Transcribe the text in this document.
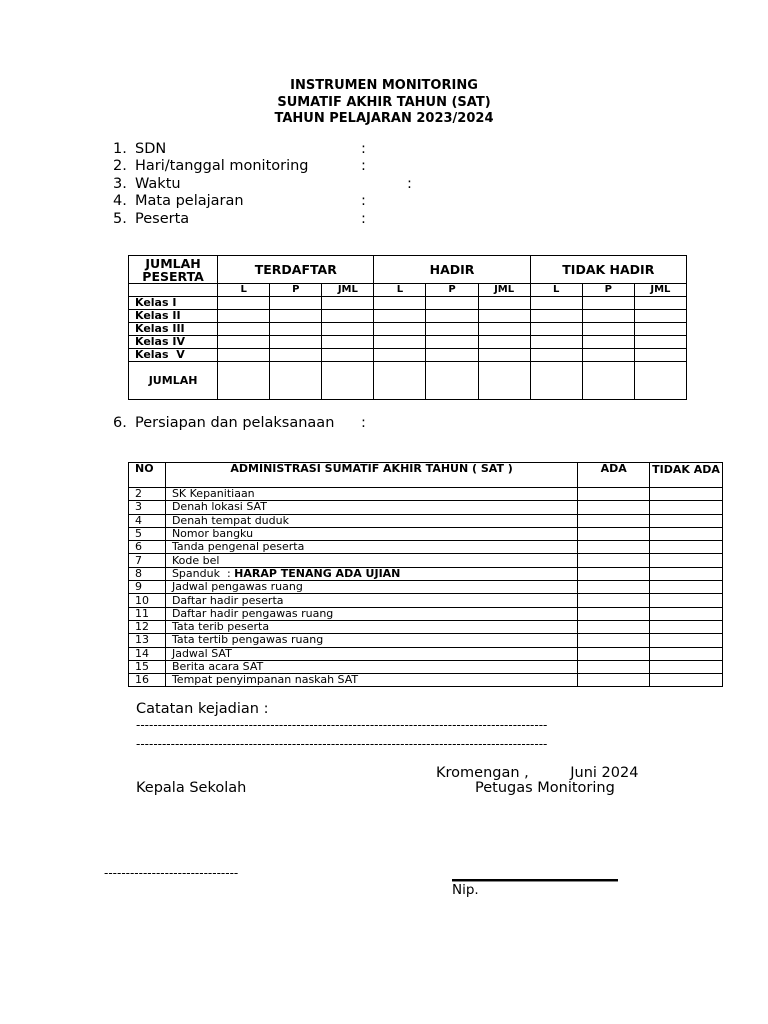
INSTRUMEN MONITORING
SUMATIF AKHIR TAHUN (SAT)
TAHUN PELAJARAN 2023/2024
1. SDN	:
2. Hari/tanggal monitoring	:
3. Waktu	:
4. Mata pelajaran	:
5. Peserta	:
JUMLAH PESERTA	TERDAFTAR			HADIR			TIDAK HADIR		
	L	P	JML	L	P	JML	L	P	JML
Kelas I									
Kelas II									
Kelas III									
Kelas IV									
Kelas  V									
JUMLAH									
6. Persiapan dan pelaksanaan :
NO	ADMINISTRASI SUMATIF AKHIR TAHUN ( SAT )	ADA	TIDAK ADA
2	SK Kepanitiaan		
3	Denah lokasi SAT		
4	Denah tempat duduk		
5	Nomor bangku		
6	Tanda pengenal peserta		
7	Kode bel		
8	Spanduk  : HARAP TENANG ADA UJIAN		
9	Jadwal pengawas ruang		
10	Daftar hadir peserta		
11	Daftar hadir pengawas ruang		
12	Tata terib peserta		
13	Tata tertib pengawas ruang		
14	Jadwal SAT		
15	Berita acara SAT		
16	Tempat penyimpanan naskah SAT		
Catatan kejadian :
-----------------------------------------------------------------------------------------------
-----------------------------------------------------------------------------------------------
Kromengan ,         Juni 2024
Kepala Sekolah	Petugas Monitoring
-------------------------------
Nip.
